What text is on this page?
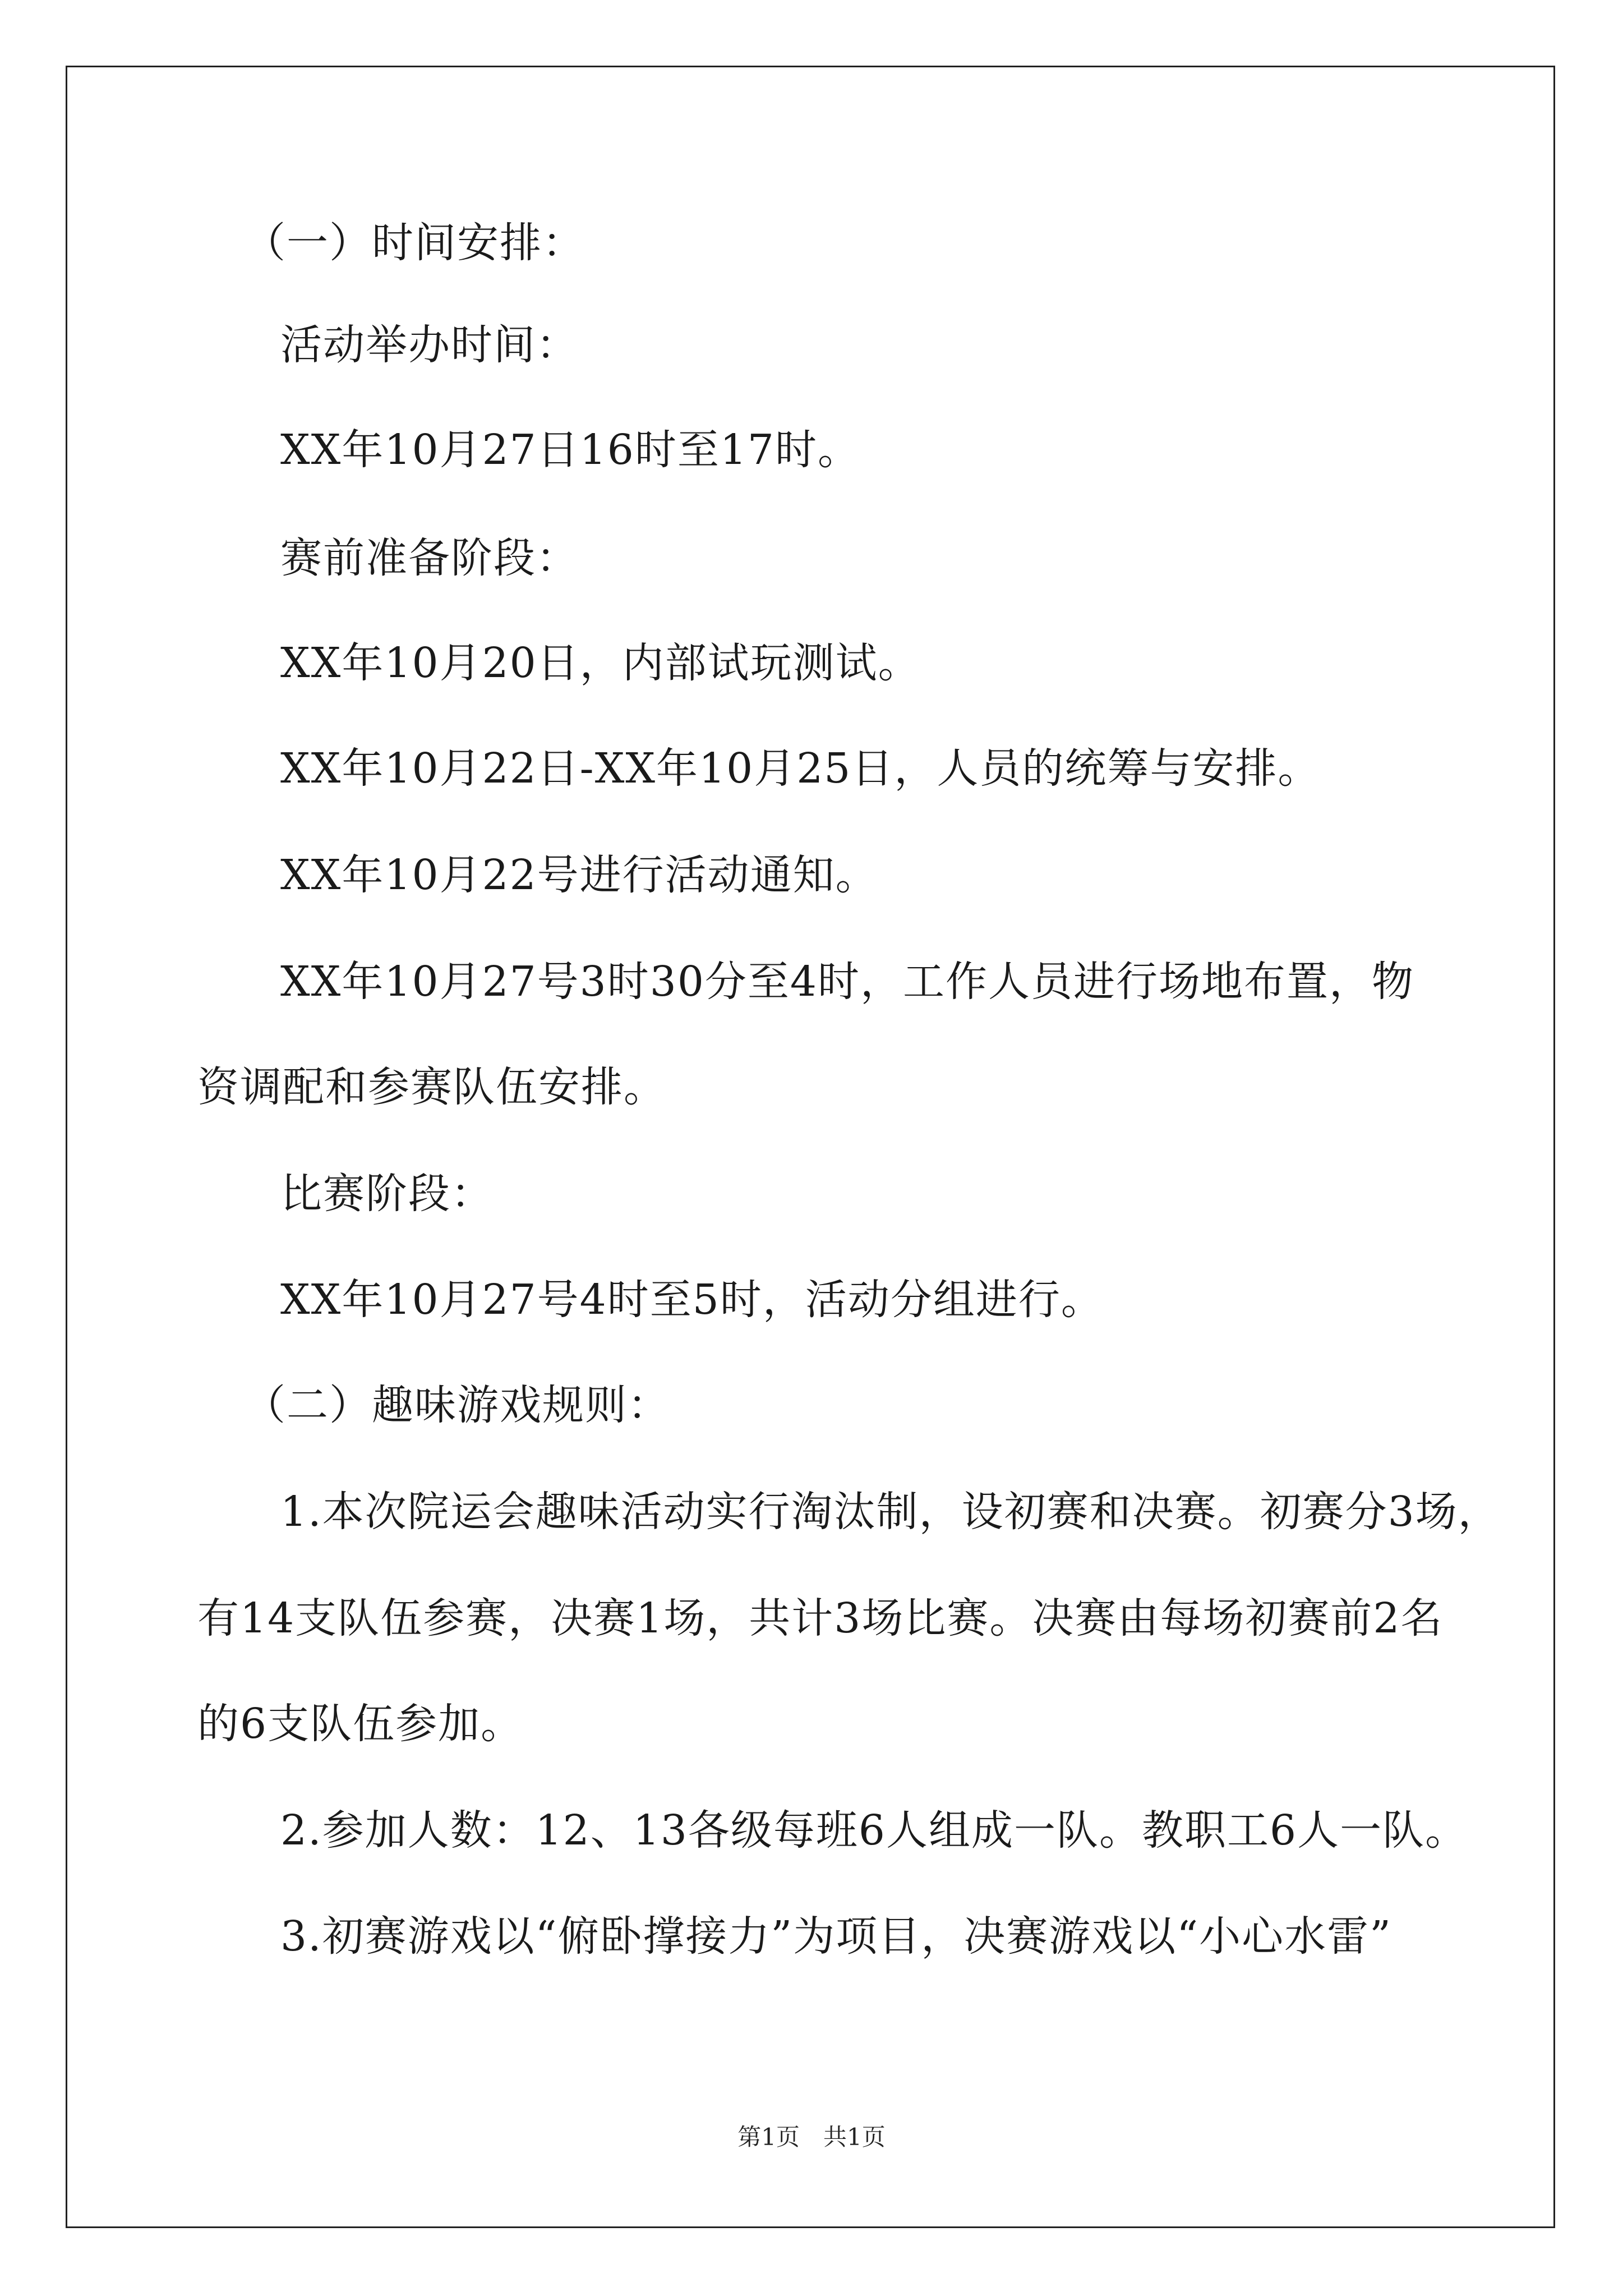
（一）时间安排：
活动举办时间：
XX年10月27日16时至17时。
赛前准备阶段：
XX年10月20日，内部试玩测试。
XX年10月22日-XX年10月25日，人员的统筹与安排。
XX年10月22号进行活动通知。
XX年10月27号3时30分至4时，工作人员进行场地布置，物
资调配和参赛队伍安排。
比赛阶段：
XX年10月27号4时至5时，活动分组进行。
（二）趣味游戏规则：
1.本次院运会趣味活动实行淘汰制，设初赛和决赛。初赛分3场，
有14支队伍参赛，决赛1场，共计3场比赛。决赛由每场初赛前2名
的6支队伍参加。
2.参加人数：12、13各级每班6人组成一队。教职工6人一队。
3.初赛游戏以“俯卧撑接力”为项目，决赛游戏以“小心水雷”
第1页　共1页
